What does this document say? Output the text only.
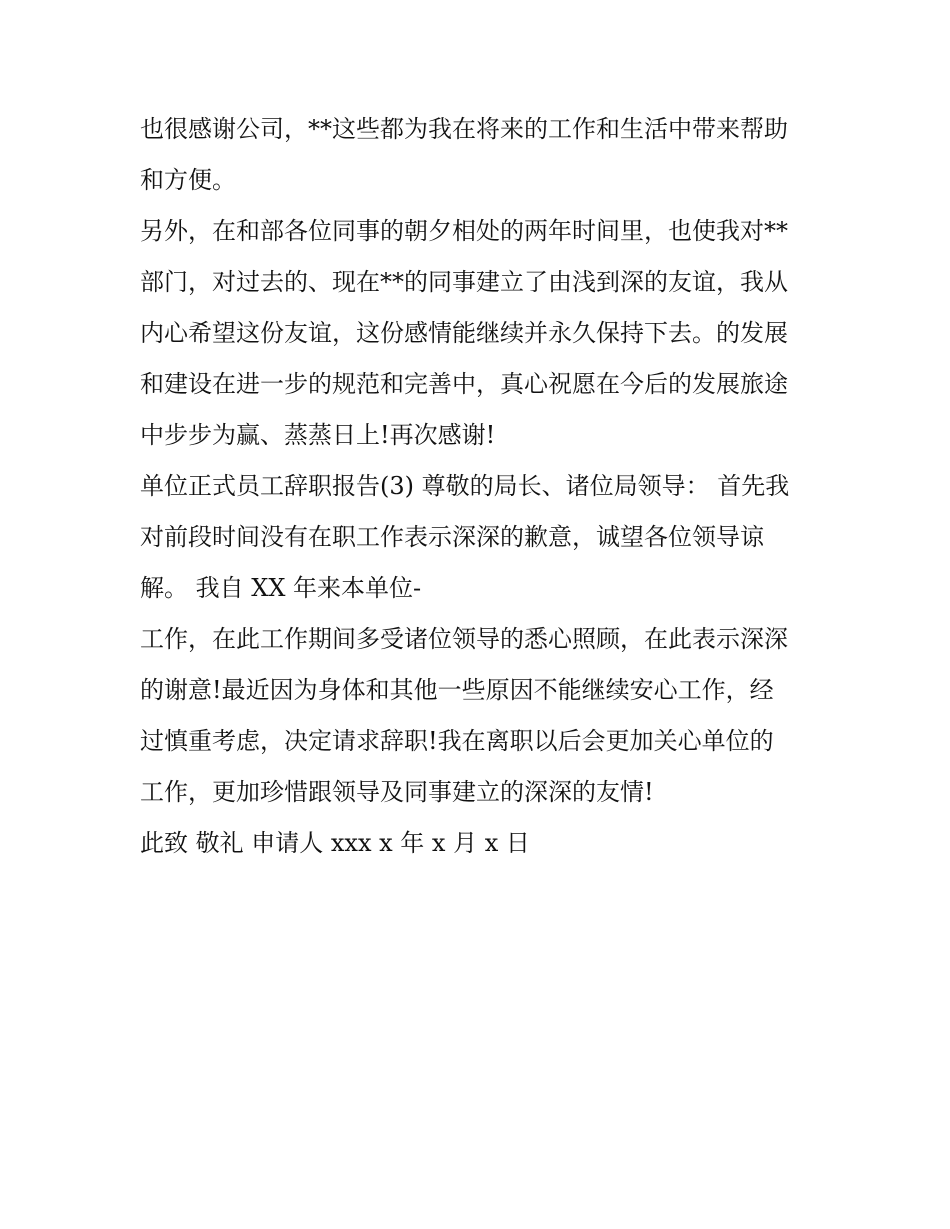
也很感谢公司，**这些都为我在将来的工作和生活中带来帮助
和方便。
另外，在和部各位同事的朝夕相处的两年时间里，也使我对**
部门，对过去的、现在**的同事建立了由浅到深的友谊，我从
内心希望这份友谊，这份感情能继续并永久保持下去。的发展
和建设在进一步的规范和完善中，真心祝愿在今后的发展旅途
中步步为赢、蒸蒸日上!再次感谢!
单位正式员工辞职报告(3) 尊敬的局长、诸位局领导： 首先我
对前段时间没有在职工作表示深深的歉意，诚望各位领导谅
解。 我自 XX 年来本单位-
工作，在此工作期间多受诸位领导的悉心照顾，在此表示深深
的谢意!最近因为身体和其他一些原因不能继续安心工作，经
过慎重考虑，决定请求辞职!我在离职以后会更加关心单位的
工作，更加珍惜跟领导及同事建立的深深的友情!
此致 敬礼 申请人 xxx x 年 x 月 x 日
